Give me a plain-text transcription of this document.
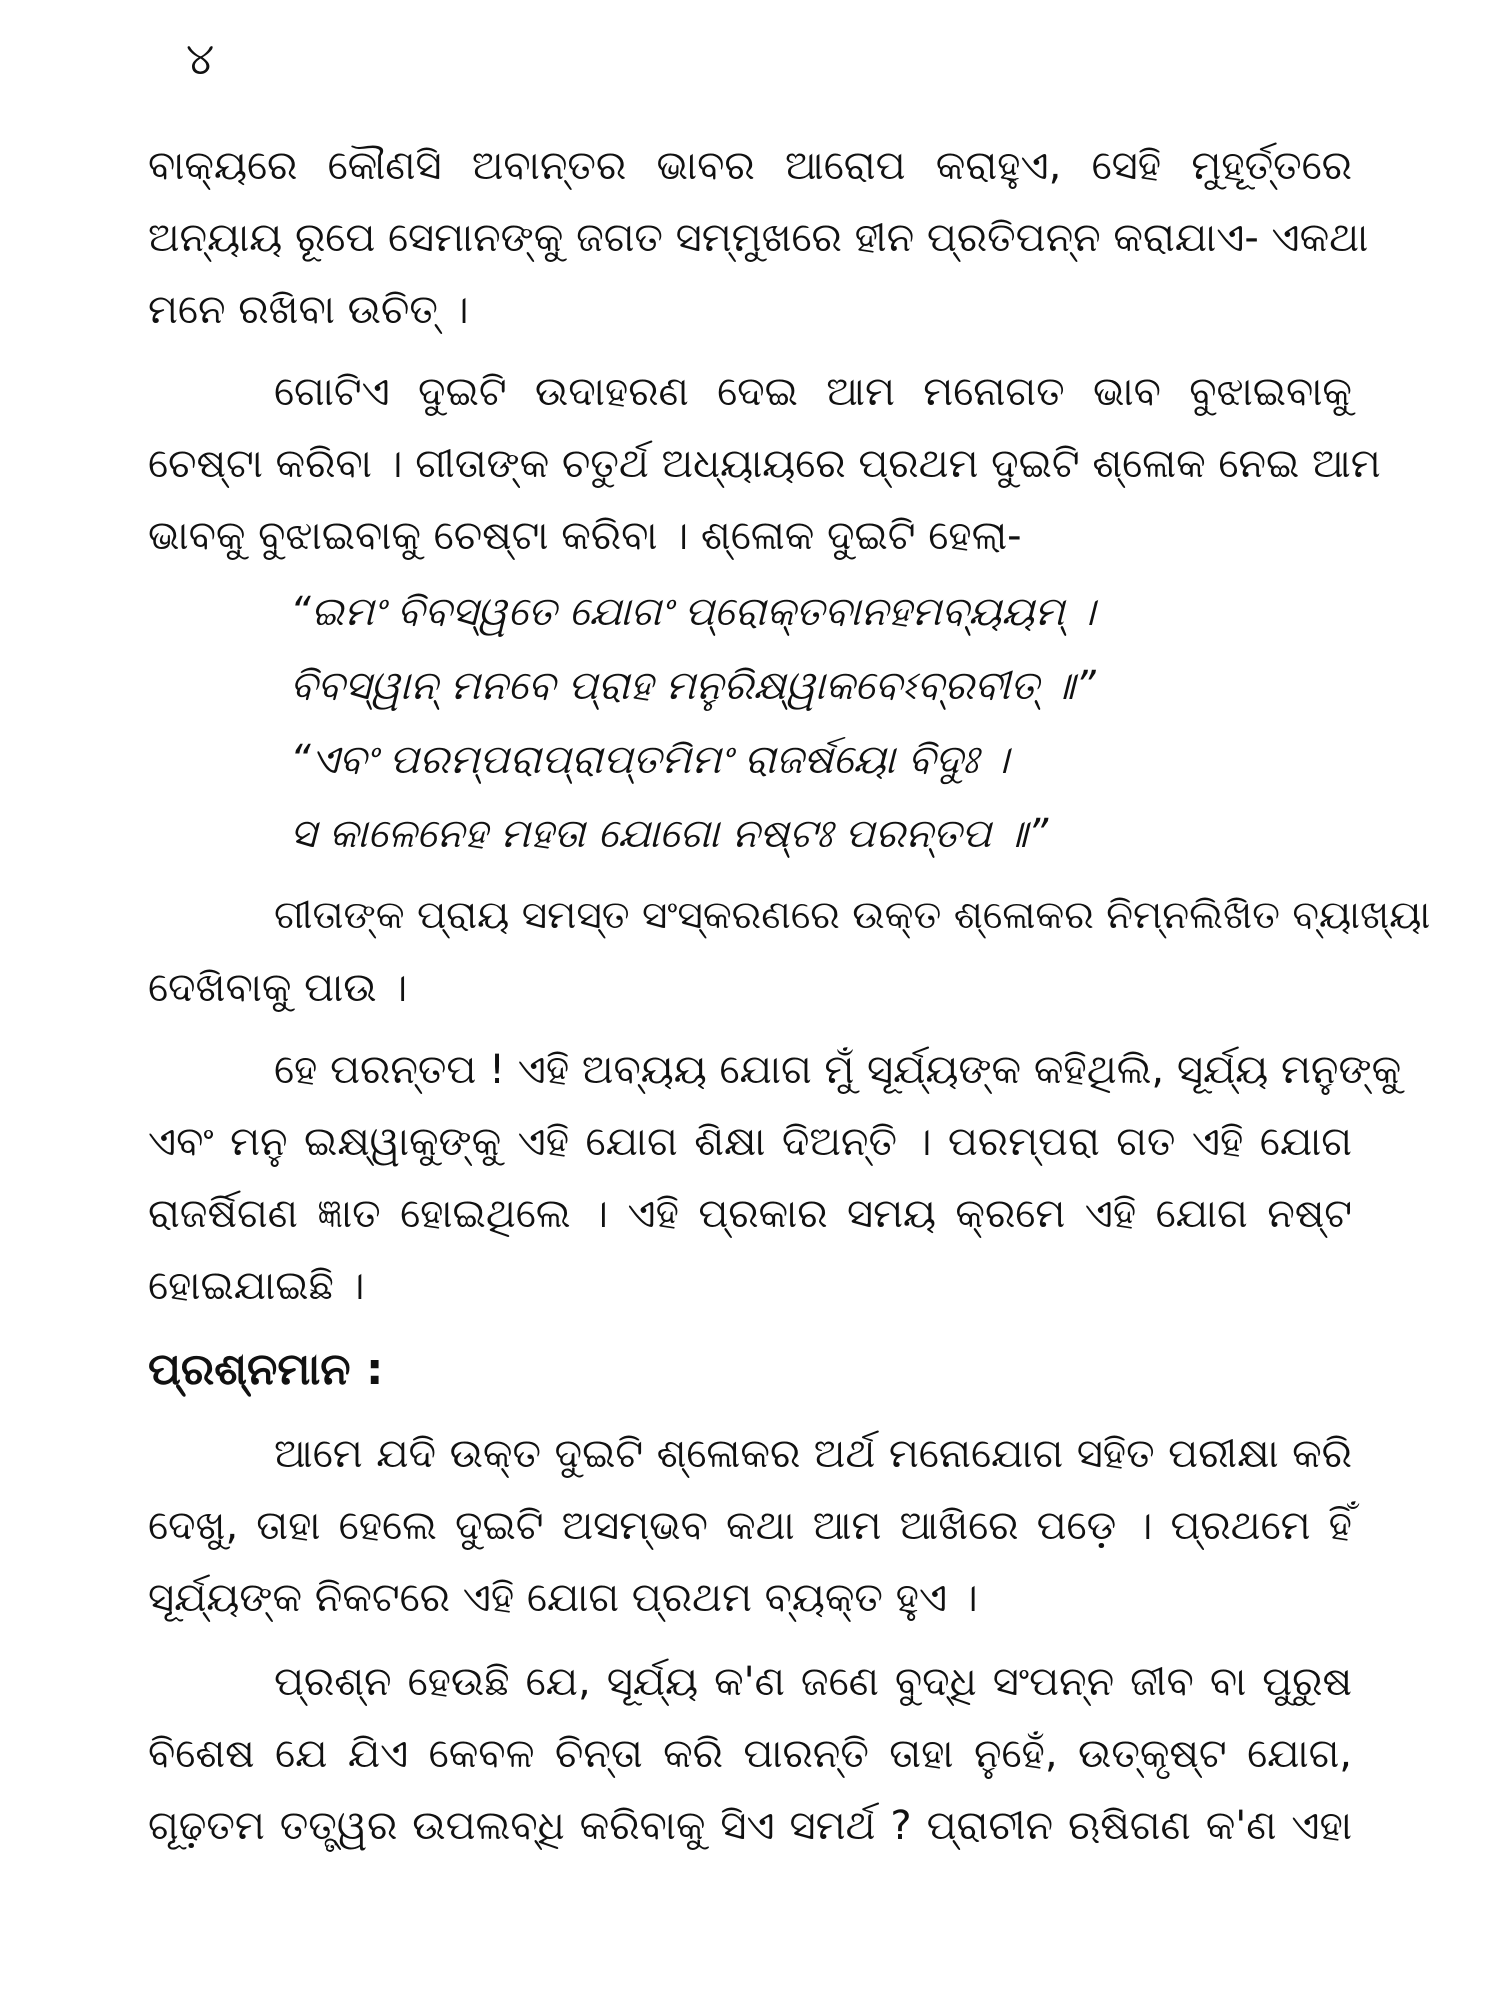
୪
ବାକ୍ୟରେ କୌଣସି ଅବାନ୍ତର ଭାବର ଆରୋପ କରାହୁଏ, ସେହି ମୁହୂର୍ତ୍ତରେ
ଅନ୍ୟାୟ ରୂପେ ସେମାନଙ୍କୁ ଜଗତ ସମ୍ମୁଖରେ ହୀନ ପ୍ରତିପନ୍ନ କରାଯାଏ- ଏକଥା
ମନେ ରଖିବା ଉଚିତ୍ ।
ଗୋଟିଏ ଦୁଇଟି ଉଦାହରଣ ଦେଇ ଆମ ମନୋଗତ ଭାବ ବୁଝାଇବାକୁ
ଚେଷ୍ଟା କରିବା । ଗୀତାଙ୍କ ଚତୁର୍ଥ ଅଧ୍ୟାୟରେ ପ୍ରଥମ ଦୁଇଟି ଶ୍ଳୋକ ନେଇ ଆମ
ଭାବକୁ ବୁଝାଇବାକୁ ଚେଷ୍ଟା କରିବା । ଶ୍ଳୋକ ଦୁଇଟି ହେଲା-
“ଇମଂ ବିବସ୍ୱତେ ଯୋଗଂ ପ୍ରୋକ୍ତବାନହମବ୍ୟୟମ୍ ।
ବିବସ୍ୱାନ୍ ମନବେ ପ୍ରାହ ମନୁରିକ୍ଷ୍ୱାକବେଽବ୍ରବୀତ୍ ॥”
“ଏବଂ ପରମ୍ପରାପ୍ରାପ୍ତମିମଂ ରାଜର୍ଷୟୋ ବିଦୁଃ ।
ସ କାଳେନେହ ମହତା ଯୋଗୋ ନଷ୍ଟଃ ପରନ୍ତପ ॥”
ଗୀତାଙ୍କ ପ୍ରାୟ ସମସ୍ତ ସଂସ୍କରଣରେ ଉକ୍ତ ଶ୍ଳୋକର ନିମ୍ନଲିଖିତ ବ୍ୟାଖ୍ୟା
ଦେଖିବାକୁ ପାଉ ।
ହେ ପରନ୍ତପ ! ଏହି ଅବ୍ୟୟ ଯୋଗ ମୁଁ ସୂର୍ଯ୍ୟଙ୍କ କହିଥିଲି, ସୂର୍ଯ୍ୟ ମନୁଙ୍କୁ
ଏବଂ ମନୁ ଇକ୍ଷ୍ୱାକୁଙ୍କୁ ଏହି ଯୋଗ ଶିକ୍ଷା ଦିଅନ୍ତି । ପରମ୍ପରା ଗତ ଏହି ଯୋଗ
ରାଜର୍ଷିଗଣ ଜ୍ଞାତ ହୋଇଥିଲେ । ଏହି ପ୍ରକାର ସମୟ କ୍ରମେ ଏହି ଯୋଗ ନଷ୍ଟ
ହୋଇଯାଇଛି ।
ପ୍ରଶ୍ନମାନ :
ଆମେ ଯଦି ଉକ୍ତ ଦୁଇଟି ଶ୍ଳୋକର ଅର୍ଥ ମନୋଯୋଗ ସହିତ ପରୀକ୍ଷା କରି
ଦେଖୁ, ତାହା ହେଲେ ଦୁଇଟି ଅସମ୍ଭବ କଥା ଆମ ଆଖିରେ ପଡ଼େ । ପ୍ରଥମେ ହିଁ
ସୂର୍ଯ୍ୟଙ୍କ ନିକଟରେ ଏହି ଯୋଗ ପ୍ରଥମ ବ୍ୟକ୍ତ ହୁଏ ।
ପ୍ରଶ୍ନ ହେଉଛି ଯେ, ସୂର୍ଯ୍ୟ କ'ଣ ଜଣେ ବୁଦ୍ଧି ସଂପନ୍ନ ଜୀବ ବା ପୁରୁଷ
ବିଶେଷ ଯେ ଯିଏ କେବଳ ଚିନ୍ତା କରି ପାରନ୍ତି ତାହା ନୁହେଁ, ଉତ୍କୃଷ୍ଟ ଯୋଗ,
ଗୂଢ଼ତମ ତତ୍ତ୍ୱର ଉପଲବ୍ଧି କରିବାକୁ ସିଏ ସମର୍ଥ ? ପ୍ରାଚୀନ ଋଷିଗଣ କ'ଣ ଏହା
